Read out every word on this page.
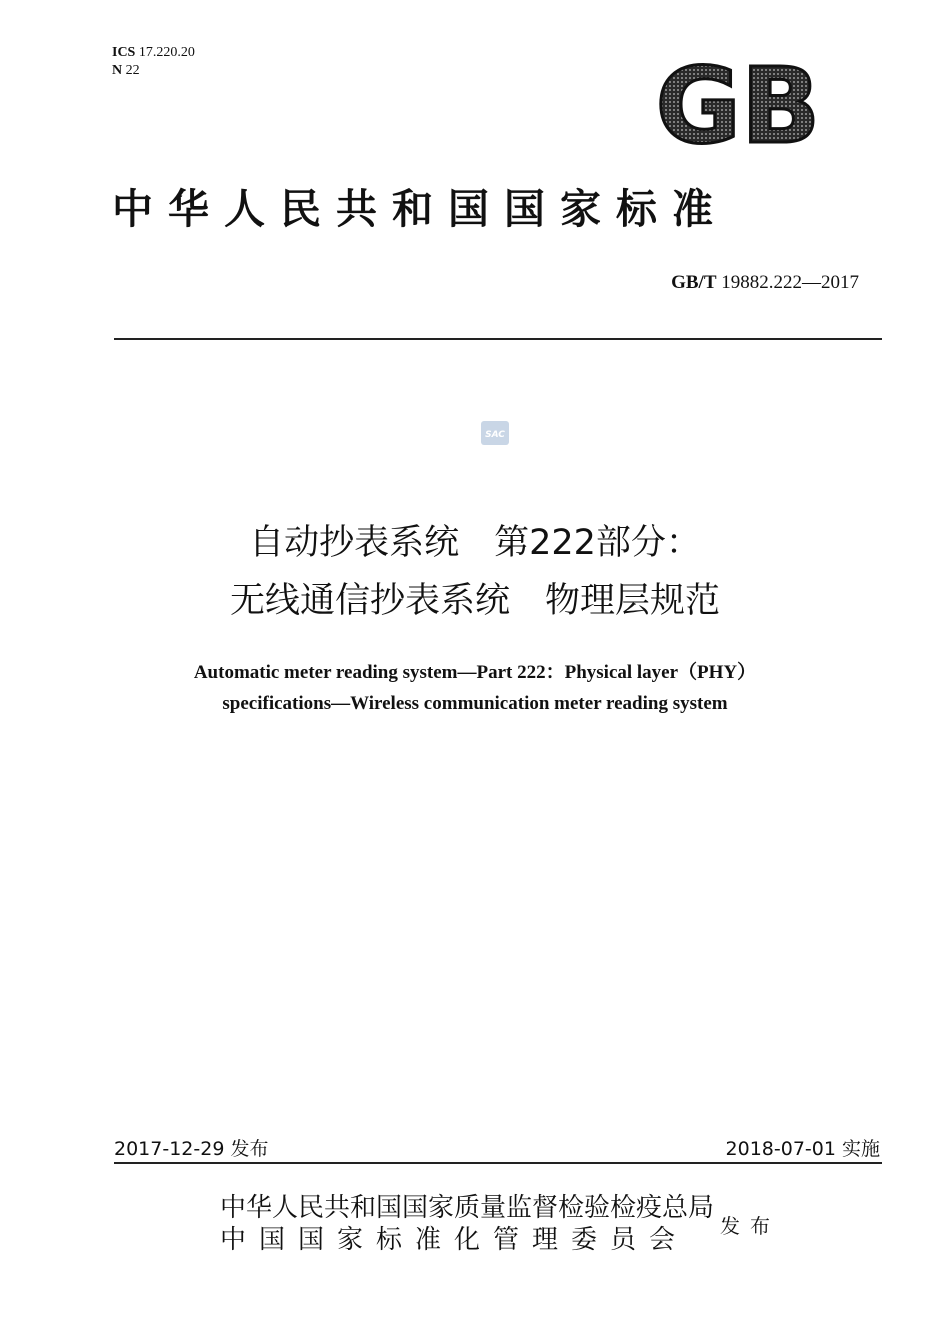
ICS 17.220.20
N 22	GB
中华人民共和国国家标准
GB/T 19882.222—2017
SAC
自动抄表系统　第222部分：
无线通信抄表系统　物理层规范
Automatic meter reading system—Part 222：Physical layer（PHY）
specifications—Wireless communication meter reading system
2017-12-29 发布	2018-07-01 实施
中华人民共和国国家质量监督检验检疫总局
中国国家标准化管理委员会 发布
